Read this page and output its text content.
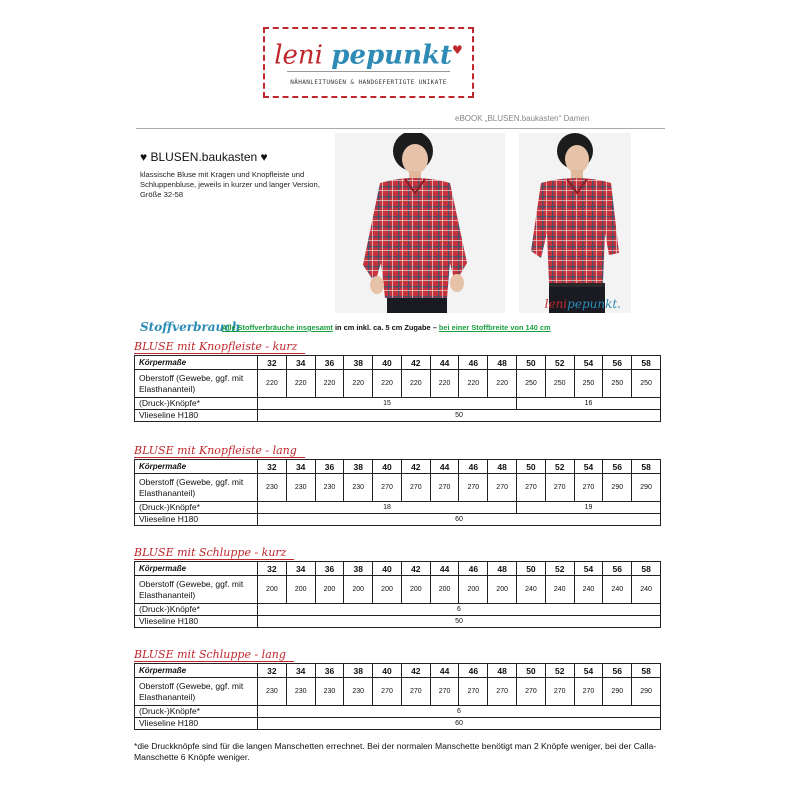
leni pepunkt♥
NÄHANLEITUNGEN & HANDGEFERTIGTE UNIKATE
eBOOK „BLUSEN.baukasten“ Damen
♥ BLUSEN.baukasten ♥
klassische Bluse mit Kragen und Knopfleiste und Schluppenbluse, jeweils in kurzer und langer Version, Größe 32-58
lenipepunkt.
Stoffverbrauch
Alle Stoffverbräuche insgesamt in cm inkl. ca. 5 cm Zugabe – bei einer Stoffbreite von 140 cm
BLUSE mit Knopfleiste - kurz
BLUSE mit Knopfleiste - lang
BLUSE mit Schluppe - kurz
BLUSE mit Schluppe - lang
Körpermaße	32	34	36	38	40	42	44	46	48	50	52	54	56	58
Oberstoff (Gewebe, ggf. mit Elasthananteil)	220	220	220	220	220	220	220	220	220	250	250	250	250	250
(Druck-)Knöpfe*	15									16				
Vlieseline H180	50													
Körpermaße	32	34	36	38	40	42	44	46	48	50	52	54	56	58
Oberstoff (Gewebe, ggf. mit Elasthananteil)	230	230	230	230	270	270	270	270	270	270	270	270	290	290
(Druck-)Knöpfe*	18									19				
Vlieseline H180	60													
Körpermaße	32	34	36	38	40	42	44	46	48	50	52	54	56	58
Oberstoff (Gewebe, ggf. mit Elasthananteil)	200	200	200	200	200	200	200	200	200	240	240	240	240	240
(Druck-)Knöpfe*	6													
Vlieseline H180	50													
Körpermaße	32	34	36	38	40	42	44	46	48	50	52	54	56	58
Oberstoff (Gewebe, ggf. mit Elasthananteil)	230	230	230	230	270	270	270	270	270	270	270	270	290	290
(Druck-)Knöpfe*	6													
Vlieseline H180	60													
*die Druckknöpfe sind für die langen Manschetten errechnet. Bei der normalen Manschette benötigt man 2 Knöpfe weniger, bei der Calla-Manschette 6 Knöpfe weniger.
